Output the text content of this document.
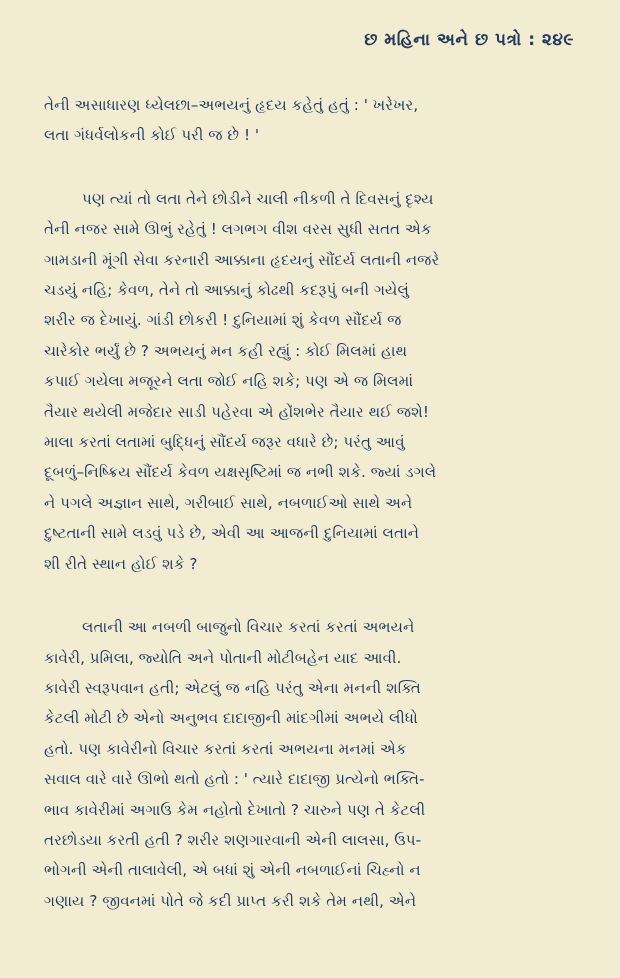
છ મહિના અને છ પત્રો : ૨૪૯

તેની અસાધારણ ધ્યેલછા–અભયનું હૃદય કહેતું હતું : ' ખરેખર,
લતા ગંધર્વલોકની કોઈ પરી જ છે ! '

પણ ત્યાં તો લતા તેને છોડીને ચાલી નીકળી તે દિવસનું દૃશ્ય
તેની નજર સામે ઊભું રહેતું ! લગભગ વીશ વરસ સુધી સતત એક
ગામડાની મૂંગી સેવા કરનારી આક્કાના હૃદયનું સૌંદર્ય લતાની નજરે
ચડયું નહિ; કેવળ, તેને તો આક્કાનું કોઢથી કદરૂપું બની ગયેલું
શરીર જ દેખાયું. ગાંડી છોકરી ! દુનિયામાં શું કેવળ સૌંદર્ય જ
ચારેકોર ભર્યું છે ? અભયનું મન કહી રહ્યું : કોઈ મિલમાં હાથ
કપાઈ ગયેલા મજૂરને લતા જોઈ નહિ શકે; પણ એ જ મિલમાં
તૈયાર થયેલી મજેદાર સાડી પહેરવા એ હોંશભેર તૈયાર થઈ જશે!
માલા કરતાં લતામાં બુદ્ધિનું સૌંદર્ય જરૂર વધારે છે; પરંતુ આવું
દૂબળું–નિષ્ક્રિય સૌંદર્ય કેવળ યક્ષસૃષ્ટિમાં જ નભી શકે. જ્યાં ડગલે
ને પગલે અજ્ઞાન સાથે, ગરીબાઈ સાથે, નબળાઈઓ સાથે અને
દુષ્ટતાની સામે લડવું પડે છે, એવી આ આજની દુનિયામાં લતાને
શી રીતે સ્થાન હોઈ શકે ?

લતાની આ નબળી બાજુનો વિચાર કરતાં કરતાં અભયને
કાવેરી, પ્રમિલા, જ્યોતિ અને પોતાની મોટીબહેન યાદ આવી.
કાવેરી સ્વરૂપવાન હતી; એટલું જ નહિ પરંતુ એના મનની શક્તિ
કેટલી મોટી છે એનો અનુભવ દાદાજીની માંદગીમાં અભયે લીધો
હતો. પણ કાવેરીનો વિચાર કરતાં કરતાં અભયના મનમાં એક
સવાલ વારે વારે ઊભો થતો હતો : ' ત્યારે દાદાજી પ્રત્યેનો ભક્તિ-
ભાવ કાવેરીમાં અગાઉ કેમ નહોતો દેખાતો ? ચારુને પણ તે કેટલી
તરછોડયા કરતી હતી ? શરીર શણગારવાની એની લાલસા, ઉપ-
ભોગની એની તાલાવેલી, એ બધાં શું એની નબળાઈનાં ચિહ્નો ન
ગણાય ? જીવનમાં પોતે જે કદી પ્રાપ્ત કરી શકે તેમ નથી, એને
